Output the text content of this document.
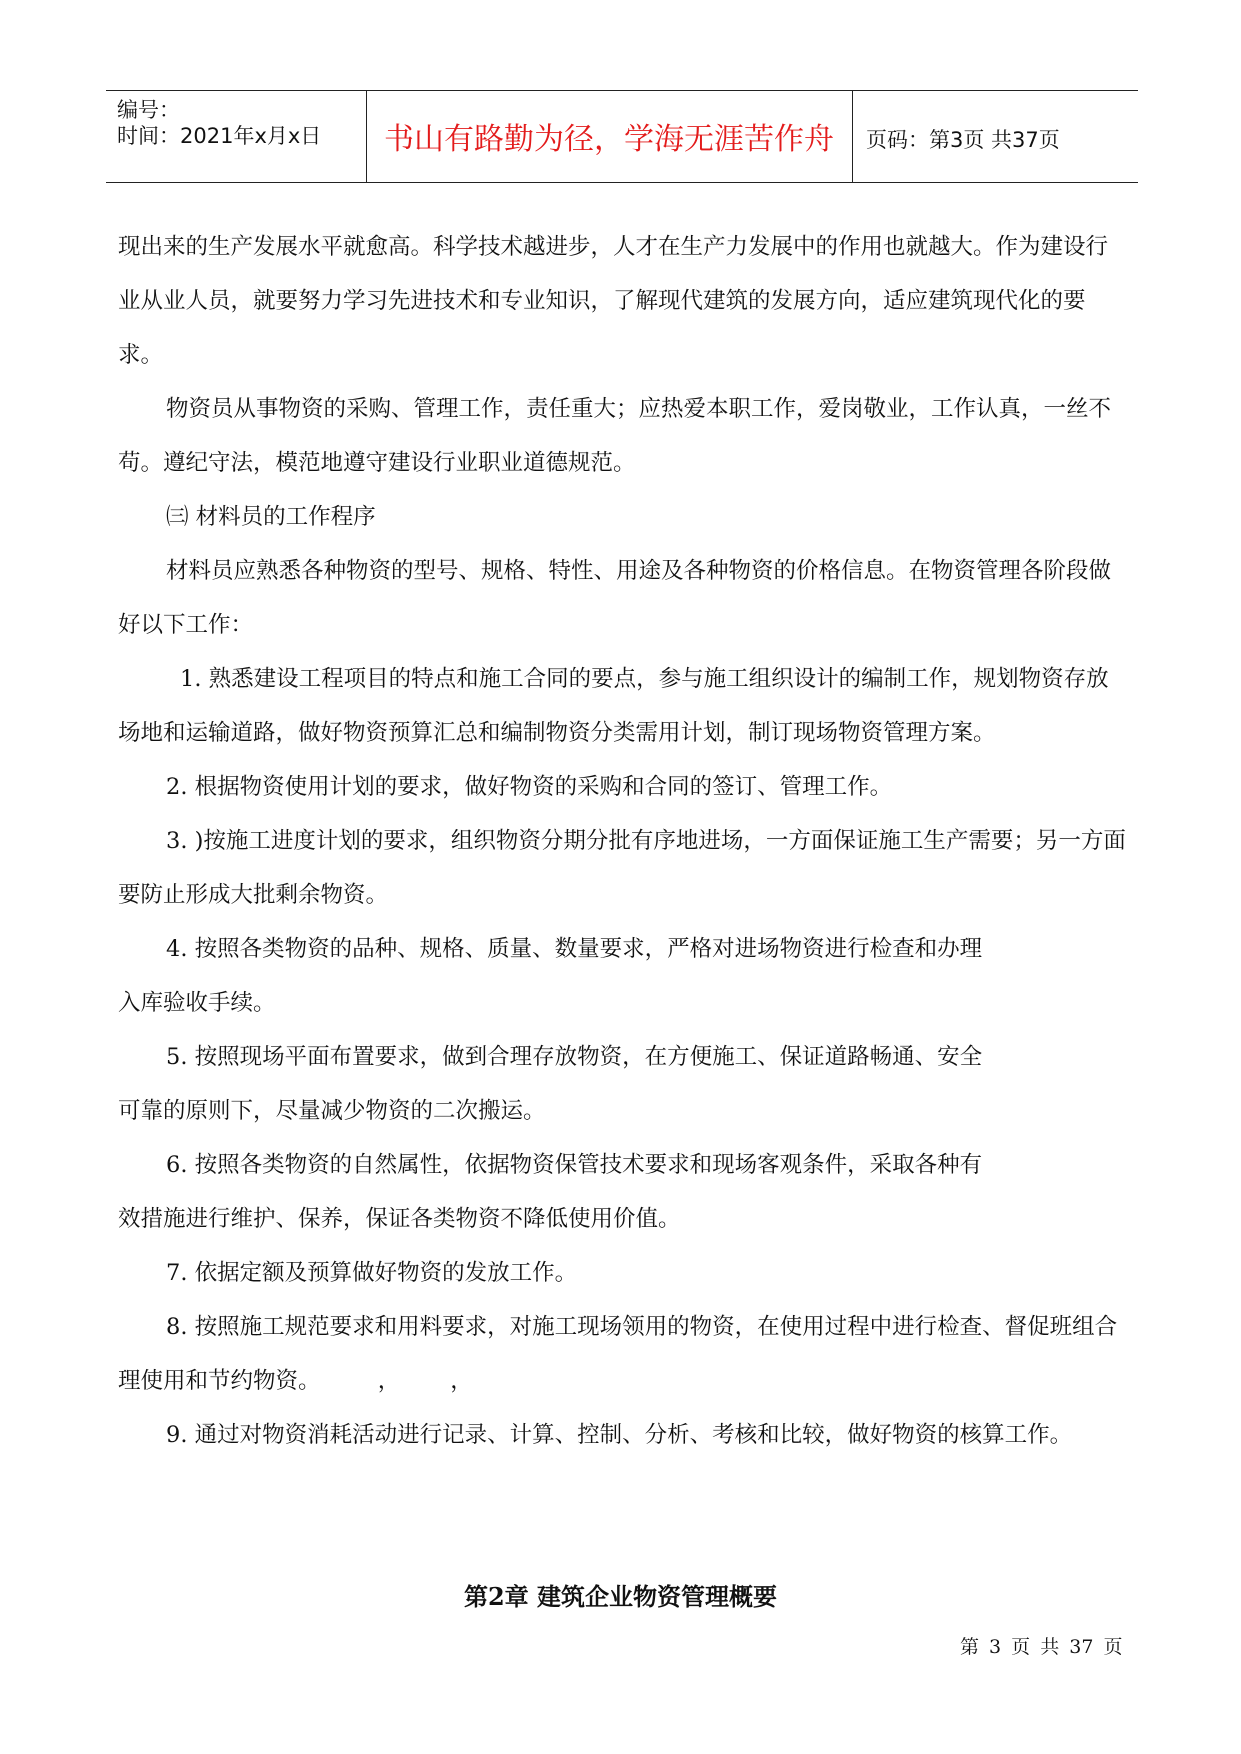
编号：
时间：2021年x月x日	书山有路勤为径，学海无涯苦作舟	页码：第3页 共37页

现出来的生产发展水平就愈高。科学技术越进步，人才在生产力发展中的作用也就越大。作为建设行业从业人员，就要努力学习先进技术和专业知识，了解现代建筑的发展方向，适应建筑现代化的要求。

物资员从事物资的采购、管理工作，责任重大；应热爱本职工作，爱岗敬业，工作认真，一丝不苟。遵纪守法，模范地遵守建设行业职业道德规范。

㈢ 材料员的工作程序

材料员应熟悉各种物资的型号、规格、特性、用途及各种物资的价格信息。在物资管理各阶段做好以下工作：

1. 熟悉建设工程项目的特点和施工合同的要点，参与施工组织设计的编制工作，规划物资存放场地和运输道路，做好物资预算汇总和编制物资分类需用计划，制订现场物资管理方案。

2. 根据物资使用计划的要求，做好物资的采购和合同的签订、管理工作。

3. )按施工进度计划的要求，组织物资分期分批有序地进场，一方面保证施工生产需要；另一方面要防止形成大批剩余物资。

4. 按照各类物资的品种、规格、质量、数量要求，严格对进场物资进行检查和办理

入库验收手续。

5. 按照现场平面布置要求，做到合理存放物资，在方便施工、保证道路畅通、安全

可靠的原则下，尽量减少物资的二次搬运。

6. 按照各类物资的自然属性，依据物资保管技术要求和现场客观条件，采取各种有

效措施进行维护、保养，保证各类物资不降低使用价值。

7. 依据定额及预算做好物资的发放工作。

8. 按照施工规范要求和用料要求，对施工现场领用的物资，在使用过程中进行检查、督促班组合理使用和节约物资。        ，       ，

9. 通过对物资消耗活动进行记录、计算、控制、分析、考核和比较，做好物资的核算工作。

第2章 建筑企业物资管理概要
第 3 页 共 37 页
